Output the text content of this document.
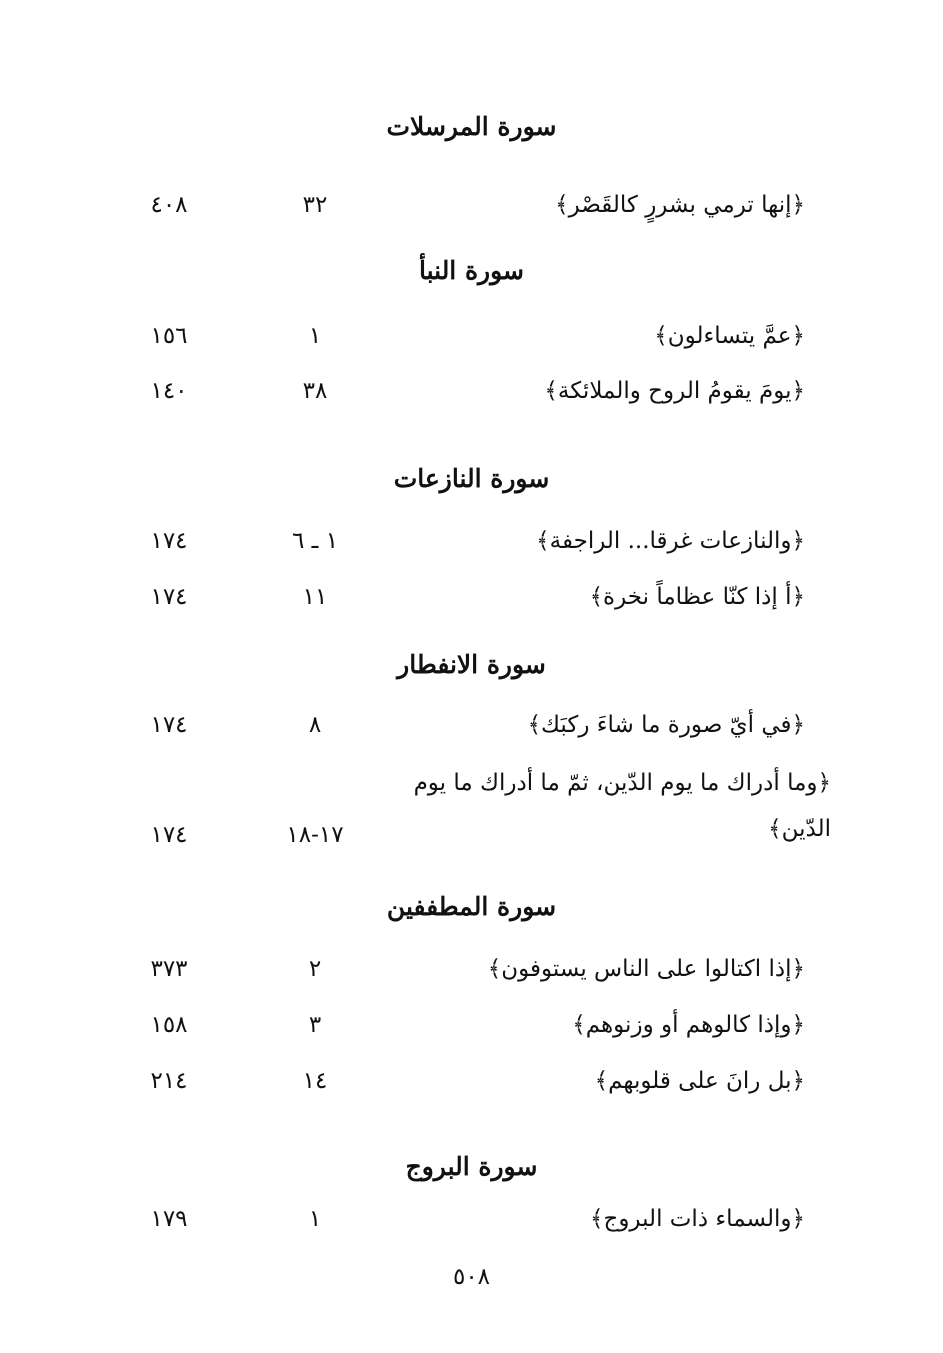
سورة المرسلات
﴿إنها ترمي بشررٍ كالقَصْر﴾
٣٢
٤٠٨
سورة النبأ
﴿عمَّ يتساءلون﴾
١
١٥٦
﴿يومَ يقومُ الروح والملائكة﴾
٣٨
١٤٠
سورة النازعات
﴿والنازعات غرقا... الراجفة﴾
١ ـ ٦
١٧٤
﴿أ إذا كنّا عظاماً نخرة﴾
١١
١٧٤
سورة الانفطار
﴿في أيّ صورة ما شاءَ ركبَك﴾
٨
١٧٤
﴿وما أدراك ما يوم الدّين، ثمّ ما أدراك ما يوم الدّين﴾
١٧-١٨
١٧٤
سورة المطففين
﴿إذا اكتالوا على الناس يستوفون﴾
٢
٣٧٣
﴿وإذا كالوهم أو وزنوهم﴾
٣
١٥٨
﴿بل رانَ على قلوبهم﴾
١٤
٢١٤
سورة البروج
﴿والسماء ذات البروج﴾
١
١٧٩
٥٠٨
